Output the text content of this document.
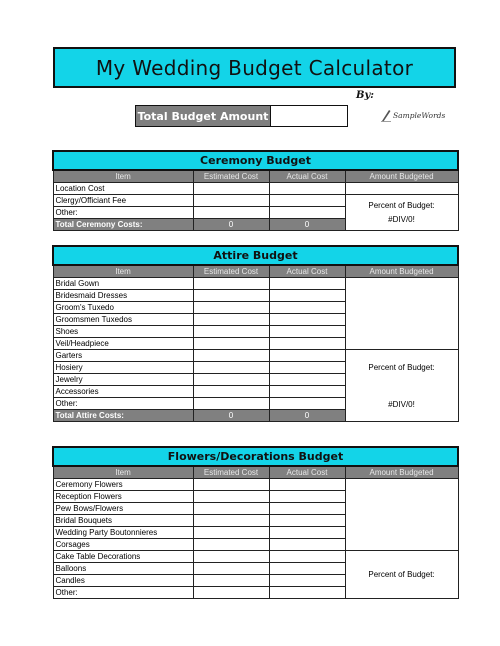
My Wedding Budget Calculator
By:
SampleWords
Total Budget Amount
Ceremony Budget			
Item	Estimated Cost	Actual Cost	Amount Budgeted
Location Cost			
Clergy/Officiant Fee			Percent of Budget:
#DIV/0!

Other:			
Total Ceremony Costs:	0	0	
Attire Budget			
Item	Estimated Cost	Actual Cost	Amount Budgeted
Bridal Gown			
Bridesmaid Dresses			
Groom's Tuxedo			
Groomsmen Tuxedos			
Shoes			
Veil/Headpiece			
Garters			Percent of Budget:
#DIV/0!

Hosiery			
Jewelry			
Accessories			
Other:			
Total Attire Costs:	0	0	
Flowers/Decorations Budget			
Item	Estimated Cost	Actual Cost	Amount Budgeted
Ceremony Flowers			
Reception Flowers			
Pew Bows/Flowers			
Bridal Bouquets			
Wedding Party Boutonnieres			
Corsages			
Cake Table Decorations			Percent of Budget:

Balloons			
Candles			
Other:			
